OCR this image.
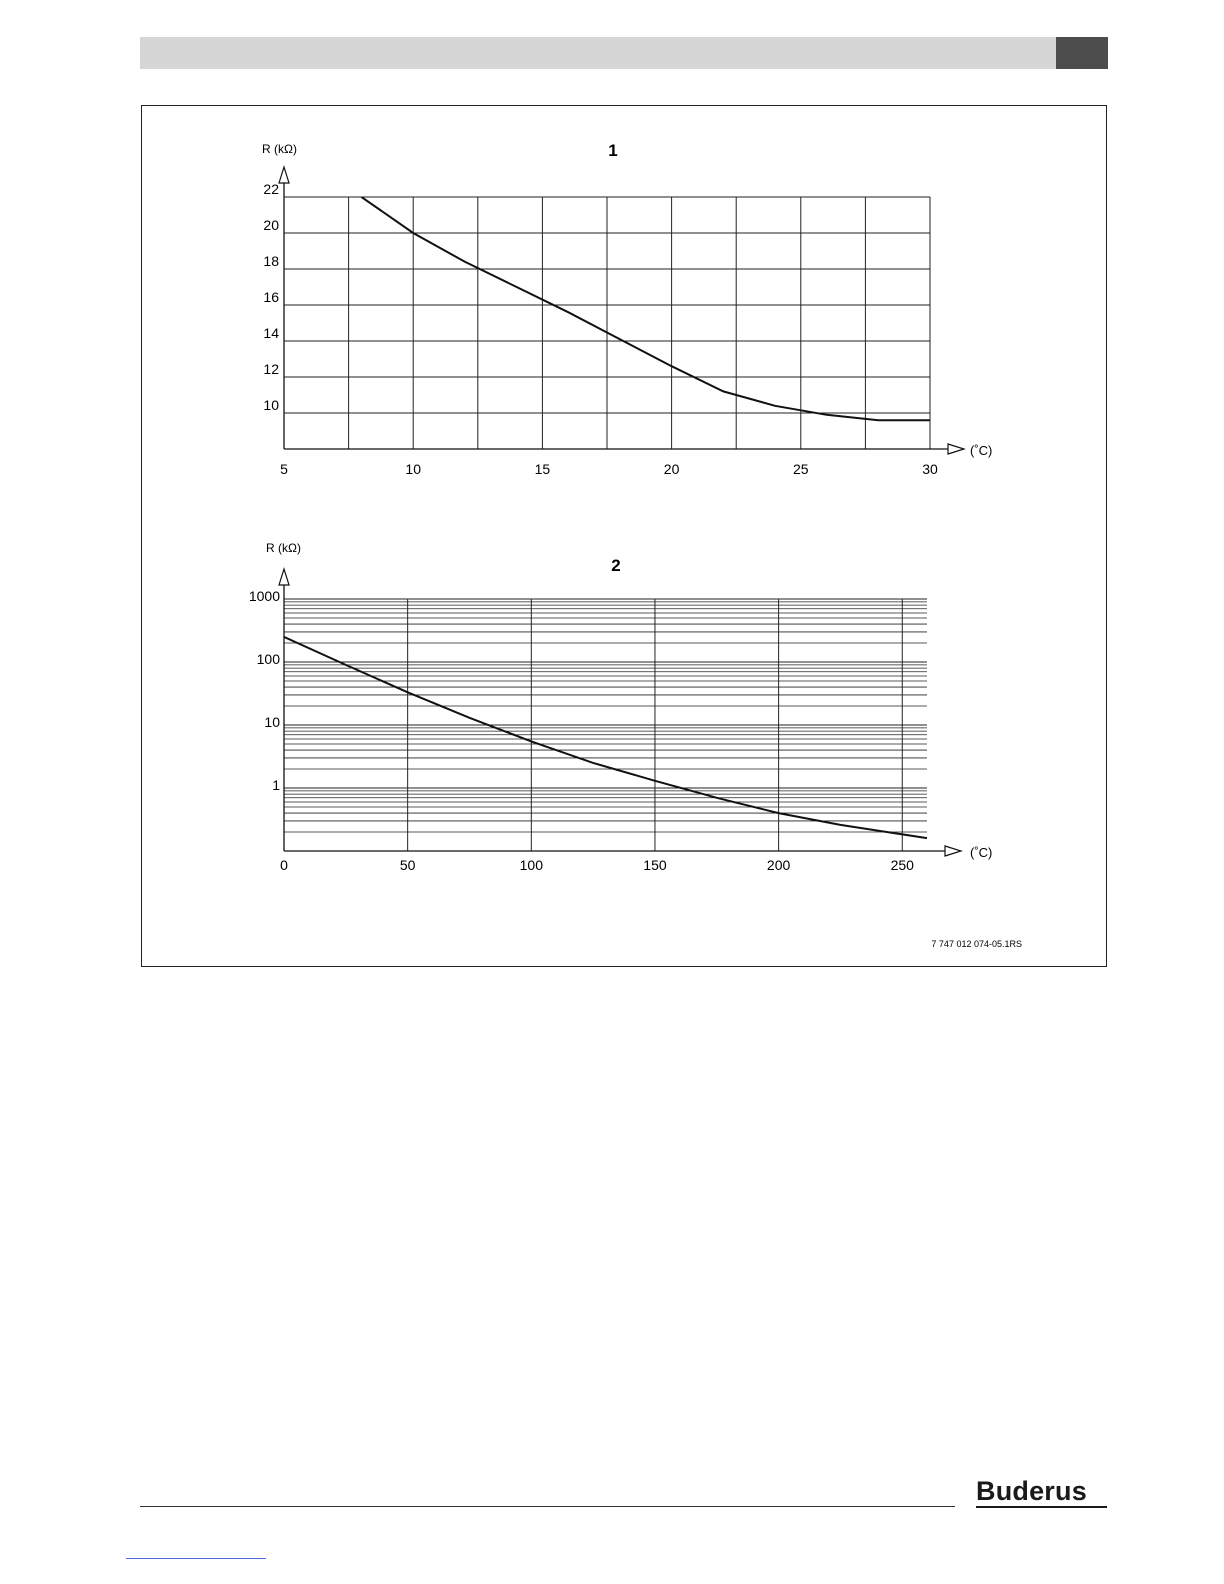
1
R (kΩ)
(˚C)
5	10	15	20	25	30
10
12
14
16
18
20
22
2
R (kΩ)
(˚C)
0	50	100	150	200	250
1
10
100
1000
7 747 012 074-05.1RS
Buderus
